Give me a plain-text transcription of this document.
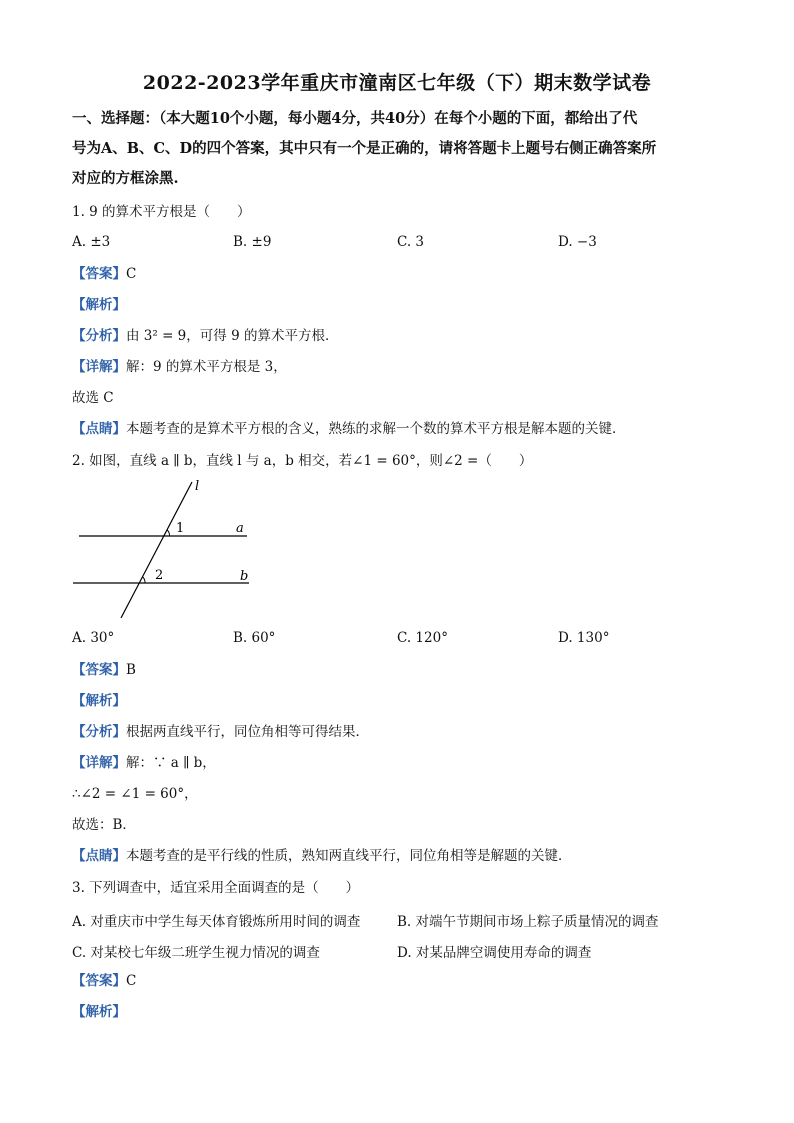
2022-2023学年重庆市潼南区七年级（下）期末数学试卷
一、选择题：（本大题10个小题，每小题4分，共40分）在每个小题的下面，都给出了代
号为A、B、C、D的四个答案，其中只有一个是正确的，请将答题卡上题号右侧正确答案所
对应的方框涂黑.
1. 9 的算术平方根是（　　）
A. ±3	B. ±9	C. 3	D. −3
【答案】C
【解析】
【分析】由 3² = 9，可得 9 的算术平方根．
【详解】解：9 的算术平方根是 3，
故选 C
【点睛】本题考查的是算术平方根的含义，熟练的求解一个数的算术平方根是解本题的关键．
2. 如图，直线 a ∥ b，直线 l 与 a，b 相交，若∠1 = 60°，则∠2 =（　　）
l
1	a
2	b
A. 30°	B. 60°	C. 120°	D. 130°
【答案】B
【解析】
【分析】根据两直线平行，同位角相等可得结果．
【详解】解：∵ a ∥ b，
∴∠2 = ∠1 = 60°，
故选：B．
【点睛】本题考查的是平行线的性质，熟知两直线平行，同位角相等是解题的关键．
3. 下列调查中，适宜采用全面调查的是（　　）
A. 对重庆市中学生每天体育锻炼所用时间的调查	B. 对端午节期间市场上粽子质量情况的调查
C. 对某校七年级二班学生视力情况的调查	D. 对某品牌空调使用寿命的调查
【答案】C
【解析】
